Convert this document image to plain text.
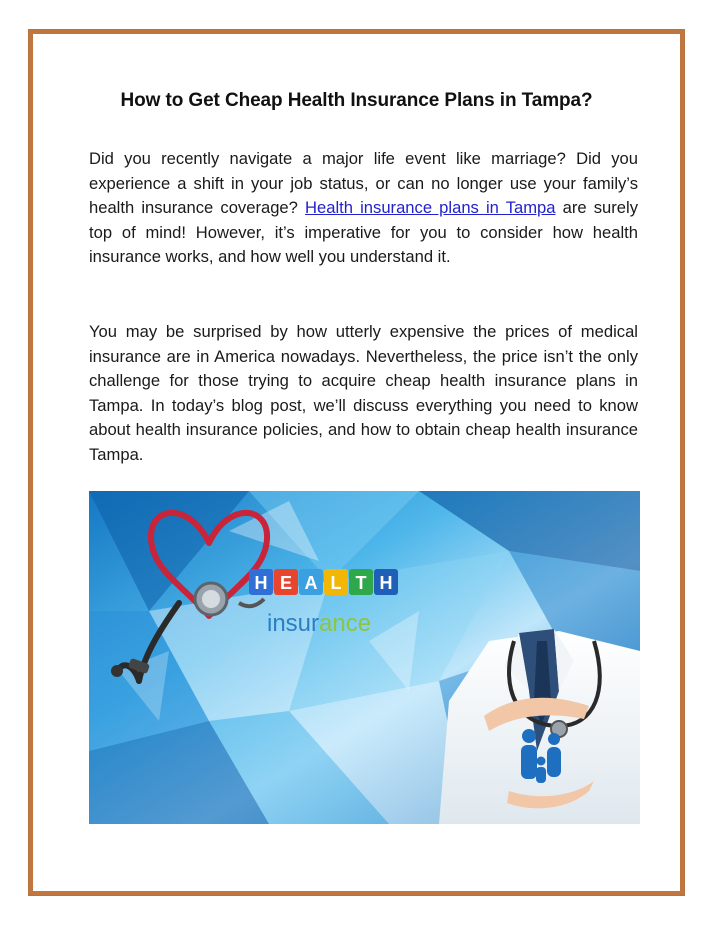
How to Get Cheap Health Insurance Plans in Tampa?

Did you recently navigate a major life event like marriage? Did you experience a shift in your job status, or can no longer use your family’s health insurance coverage? Health insurance plans in Tampa are surely top of mind! However, it’s imperative for you to consider how health insurance works, and how well you understand it.

You may be surprised by how utterly expensive the prices of medical insurance are in America nowadays. Nevertheless, the price isn’t the only challenge for those trying to acquire cheap health insurance plans in Tampa. In today’s blog post, we’ll discuss everything you need to know about health insurance policies, and how to obtain cheap health insurance Tampa.

H E A L T H
insurance
